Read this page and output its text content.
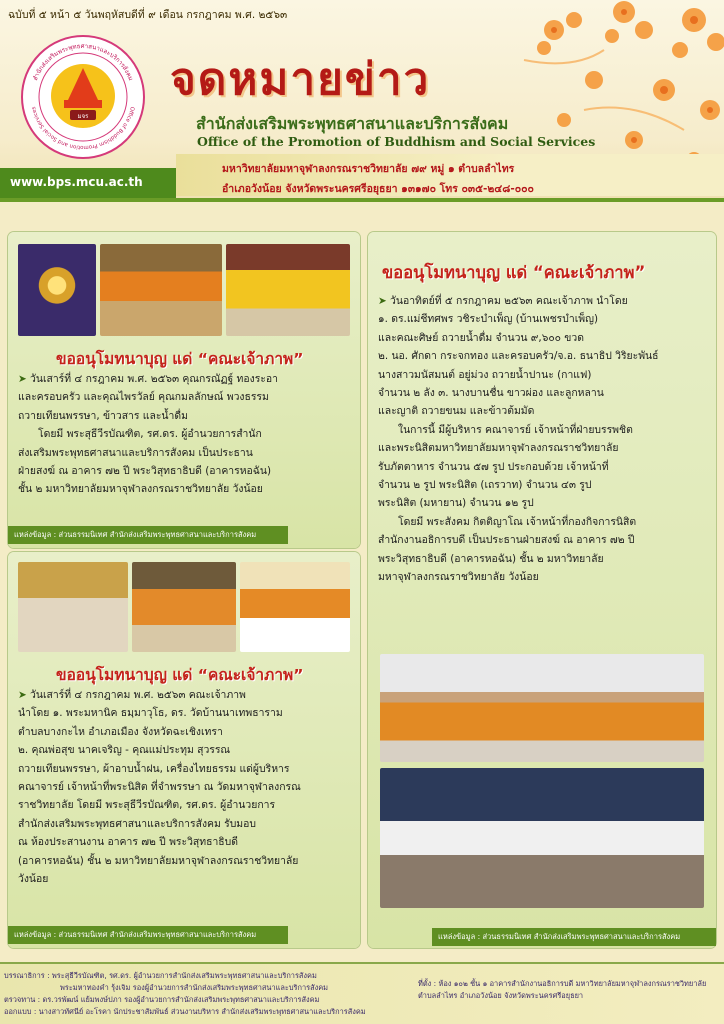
ฉบับที่ ๕ หน้า ๕ วันพฤหัสบดีที่ ๙ เดือน กรกฎาคม พ.ศ. ๒๕๖๓
สำนักส่งเสริมพระพุทธศาสนาและบริการสังคม
Office of Buddhism Promotion and Social Services
มจร
จดหมายข่าว
สำนักส่งเสริมพระพุทธศาสนาและบริการสังคม
Office of the Promotion of Buddhism and Social Services
มหาวิทยาลัยมหาจุฬาลงกรณราชวิทยาลัย ๗๙ หมู่ ๑ ตำบลลำไทร
อำเภอวังน้อย จังหวัดพระนครศรีอยุธยา ๑๓๑๗๐ โทร ๐๓๕-๒๔๘-๐๐๐
www.bps.mcu.ac.th
ขออนุโมทนาบุญ แด่ “คณะเจ้าภาพ”

➤ วันเสาร์ที่ ๔ กรฎาคม พ.ศ. ๒๕๖๓ คุณกรณัฏฐ์ ทองระอา

และครอบครัว และคุณไพรวัลย์ คุณกมลลักษณ์ พวงธรรม

ถวายเทียนพรรษา, ข้าวสาร และน้ำดื่ม

โดยมี พระสุธีวีรบัณฑิต, รศ.ดร. ผู้อำนวยการสำนัก

ส่งเสริมพระพุทธศาสนาและบริการสังคม เป็นประธาน

ฝ่ายสงฆ์ ณ อาคาร ๗๒ ปี พระวิสุทธาธิบดี (อาคารหอฉัน)

ชั้น ๒ มหาวิทยาลัยมหาจุฬาลงกรณราชวิทยาลัย วังน้อย

แหล่งข้อมูล : ส่วนธรรมนิเทศ สำนักส่งเสริมพระพุทธศาสนาและบริการสังคม
ขออนุโมทนาบุญ แด่ “คณะเจ้าภาพ”

➤ วันเสาร์ที่ ๔ กรกฎาคม พ.ศ. ๒๕๖๓ คณะเจ้าภาพ

นำโดย ๑. พระมหานิค ธมฺมาวุโธ, ดร. วัดบ้านนาเทพธาราม

ตำบลบางกะไห อำเภอเมือง จังหวัดฉะเชิงเทรา

๒. คุณพ่อสุข นาคเจริญ - คุณแม่ประทุม สุวรรณ

ถวายเทียนพรรษา, ผ้าอาบน้ำฝน, เครื่องไทยธรรม แด่ผู้บริหาร

คณาจารย์ เจ้าหน้าที่พระนิสิต ที่จำพรรษา ณ วัดมหาจุฬาลงกรณ

ราชวิทยาลัย โดยมี พระสุธีวีรบัณฑิต, รศ.ดร. ผู้อำนวยการ

สำนักส่งเสริมพระพุทธศาสนาและบริการสังคม รับมอบ

ณ ห้องประสานงาน อาคาร ๗๒ ปี พระวิสุทธาธิบดี

(อาคารหอฉัน) ชั้น ๒ มหาวิทยาลัยมหาจุฬาลงกรณราชวิทยาลัย

วังน้อย

แหล่งข้อมูล : ส่วนธรรมนิเทศ สำนักส่งเสริมพระพุทธศาสนาและบริการสังคม
ขออนุโมทนาบุญ แด่ “คณะเจ้าภาพ”

➤ วันอาทิตย์ที่ ๕ กรกฎาคม ๒๕๖๓ คณะเจ้าภาพ นำโดย

๑. ดร.แม่ชีทศพร วชิระบำเพ็ญ (บ้านเพชรบำเพ็ญ)

และคณะศิษย์ ถวายน้ำดื่ม จำนวน ๙,๖๐๐ ขวด

๒. นอ. ศักดา กระจกทอง และครอบครัว/จ.อ. ธนาธิป วิริยะพันธ์

นางสาวมนัสมนต์ อยู่ม่วง ถวายน้ำปานะ (กาแฟ)

จำนวน ๒ ลัง ๓. นางบานชื่น ขาวผ่อง และลูกหลาน

และญาติ ถวายขนม และข้าวต้มมัด

ในการนี้ มีผู้บริหาร คณาจารย์ เจ้าหน้าที่ฝ่ายบรรพชิต

และพระนิสิตมหาวิทยาลัยมหาจุฬาลงกรณราชวิทยาลัย

รับภัตตาหาร จำนวน ๕๗ รูป ประกอบด้วย เจ้าหน้าที่

จำนวน ๒ รูป พระนิสิต (เถรวาท) จำนวน ๔๓ รูป

พระนิสิต (มหายาน) จำนวน ๑๒ รูป

โดยมี พระสังคม กิตติญาโณ เจ้าหน้าที่กองกิจการนิสิต

สำนักงานอธิการบดี เป็นประธานฝ่ายสงฆ์ ณ อาคาร ๗๒ ปี

พระวิสุทธาธิบดี (อาคารหอฉัน) ชั้น ๒ มหาวิทยาลัย

มหาจุฬาลงกรณราชวิทยาลัย วังน้อย

แหล่งข้อมูล : ส่วนธรรมนิเทศ สำนักส่งเสริมพระพุทธศาสนาและบริการสังคม

บรรณาธิการ : พระสุธีวีรบัณฑิต, รศ.ดร. ผู้อำนวยการสำนักส่งเสริมพระพุทธศาสนาและบริการสังคม

พระมหาทองคำ รุ้งเจิม รองผู้อำนวยการสำนักส่งเสริมพระพุทธศาสนาและบริการสังคม

ตรวจทาน : ดร.วรพัฒน์ แย้มพงษ์ปภา รองผู้อำนวยการสำนักส่งเสริมพระพุทธศาสนาและบริการสังคม

ออกแบบ : นางสาวทัศนีย์ อะโรคา นักประชาสัมพันธ์ ส่วนงานบริหาร สำนักส่งเสริมพระพุทธศาสนาและบริการสังคม

ที่ตั้ง : ห้อง ๑๐๒ ชั้น ๑ อาคารสำนักงานอธิการบดี มหาวิทยาลัยมหาจุฬาลงกรณราชวิทยาลัย

ตำบลลำไทร อำเภอวังน้อย จังหวัดพระนครศรีอยุธยา
